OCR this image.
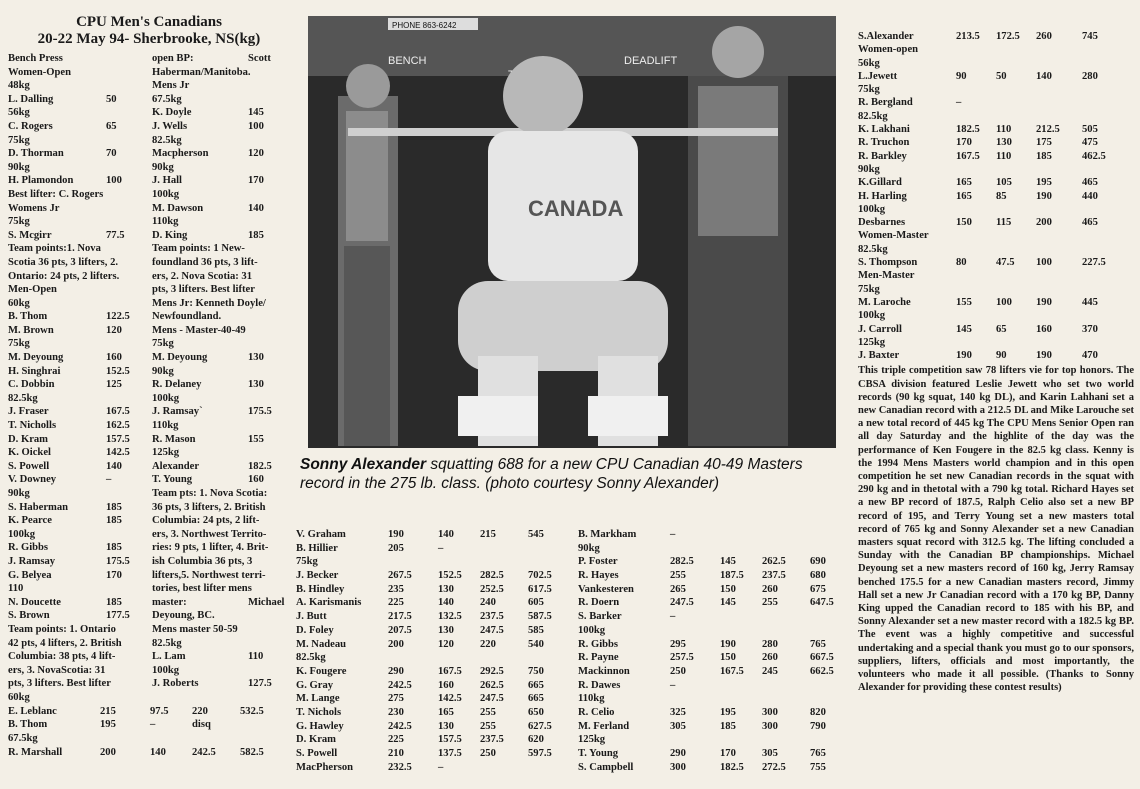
CPU Men's Canadians
20-22 May 94- Sherbrooke, NS(kg)
Bench Press
Women-Open
48kg
L. Dalling	50
56kg
C. Rogers	65
75kg
D. Thorman	70
90kg
H. Plamondon	100
Best lifter: C. Rogers
Womens Jr
75kg
S. Mcgirr	77.5
Team points:1. Nova
Scotia 36 pts, 3 lifters, 2.
Ontario: 24 pts, 2 lifters.
Men-Open
60kg
B. Thom	122.5
M. Brown	120
75kg
M. Deyoung	160
H. Singhrai	152.5
C. Dobbin	125
82.5kg
J. Fraser	167.5
T. Nicholls	162.5
D. Kram	157.5
K. Oickel	142.5
S. Powell	140
V. Downey	–
90kg
S. Haberman	185
K. Pearce	185
100kg
R. Gibbs	185
J. Ramsay	175.5
G. Belyea	170
110
N. Doucette	185
S. Brown	177.5
Team points: 1. Ontario
42 pts, 4 lifters, 2. British
Columbia: 38 pts, 4 lift-
ers, 3. NovaScotia: 31
pts, 3 lifters. Best lifter
60kg
open BP:	Scott
Haberman/Manitoba.
Mens Jr
67.5kg
K. Doyle	145
J. Wells	100
82.5kg
Macpherson	120
90kg
J. Hall	170
100kg
M. Dawson	140
110kg
D. King	185
Team points: 1 New-
foundland 36 pts, 3 lift-
ers, 2. Nova Scotia: 31
pts, 3 lifters. Best lifter
Mens Jr: Kenneth Doyle/
Newfoundland.
Mens - Master-40-49
75kg
M. Deyoung	130
90kg
R. Delaney	130
100kg
J. Ramsay`	175.5
110kg
R. Mason	155
125kg
Alexander	182.5
T. Young	160
Team pts: 1. Nova Scotia:
36 pts, 3 lifters, 2. British
Columbia: 24 pts, 2 lift-
ers, 3. Northwest Territo-
ries: 9 pts, 1 lifter, 4. Brit-
ish Columbia 36 pts, 3
lifters,5. Northwest terri-
tories, best lifter mens
master:	Michael
Deyoung, BC.
Mens master 50-59
82.5kg
L. Lam	110
100kg
J. Roberts	127.5
E. Leblanc	215	97.5	220	532.5
B. Thom	195	–	disq
67.5kg
R. Marshall	200	140	242.5	582.5
PHONE 863-6242
BENCH	DEADLIFT
CANADA
Sonny Alexander squatting 688 for a new CPU Canadian 40-49 Masters record in the 275 lb. class. (photo courtesy Sonny Alexander)
V. Graham	190	140	215	545
B. Hillier	205	–
75kg
J. Becker	267.5	152.5	282.5	702.5
B. Hindley	235	130	252.5	617.5
A. Karismanis	225	140	240	605
J. Butt	217.5	132.5	237.5	587.5
D. Foley	207.5	130	247.5	585
M. Nadeau	200	120	220	540
82.5kg
K. Fougere	290	167.5	292.5	750
G. Gray	242.5	160	262.5	665
M. Lange	275	142.5	247.5	665
T. Nichols	230	165	255	650
G. Hawley	242.5	130	255	627.5
D. Kram	225	157.5	237.5	620
S. Powell	210	137.5	250	597.5
MacPherson	232.5	–
B. Markham	–
90kg
P. Foster	282.5	145	262.5	690
R. Hayes	255	187.5	237.5	680
Vankesteren	265	150	260	675
R. Doern	247.5	145	255	647.5
S. Barker	–
100kg
R. Gibbs	295	190	280	765
R. Payne	257.5	150	260	667.5
Mackinnon	250	167.5	245	662.5
R. Dawes	–
110kg
R. Celio	325	195	300	820
M. Ferland	305	185	300	790
125kg
T. Young	290	170	305	765
S. Campbell	300	182.5	272.5	755
S.Alexander	213.5	172.5	260	745
Women-open
56kg
L.Jewett	90	50	140	280
75kg
R. Bergland	–
82.5kg
K. Lakhani	182.5	110	212.5	505
R. Truchon	170	130	175	475
R. Barkley	167.5	110	185	462.5
90kg
K.Gillard	165	105	195	465
H. Harling	165	85	190	440
100kg
Desbarnes	150	115	200	465
Women-Master
82.5kg
S. Thompson	80	47.5	100	227.5
Men-Master
75kg
M. Laroche	155	100	190	445
100kg
J. Carroll	145	65	160	370
125kg
J. Baxter	190	90	190	470
This triple competition saw 78 lifters vie for top honors. The CBSA division featured Leslie Jewett who set two world records (90 kg squat, 140 kg DL), and Karin Lahhani set a new Canadian record with a 212.5 DL and Mike Larouche set a new total record of 445 kg The CPU Mens Senior Open ran all day Saturday and the highlite of the day was the performance of Ken Fougere in the 82.5 kg class. Kenny is the 1994 Mens Masters world champion and in this open competition he set new Canadian records in the squat with 290 kg and in thetotal with a 790 kg total. Richard Hayes set a new BP record of 187.5, Ralph Celio also set a new BP record of 195, and Terry Young set a new masters total record of 765 kg and Sonny Alexander set a new Canadian masters squat record with 312.5 kg. The lifting concluded a Sunday with the Canadian BP championships. Michael Deyoung set a new masters record of 160 kg, Jerry Ramsay benched 175.5 for a new Canadian masters record, Jimmy Hall set a new Jr Canadian record with a 170 kg BP, Danny King upped the Canadian record to 185 with his BP, and Sonny Alexander set a new master record with a 182.5 kg BP. The event was a highly competitive and successful undertaking and a special thank you must go to our sponsors, suppliers, lifters, officials and most importantly, the volunteers who made it all possible. (Thanks to Sonny Alexander for providing these contest results)
